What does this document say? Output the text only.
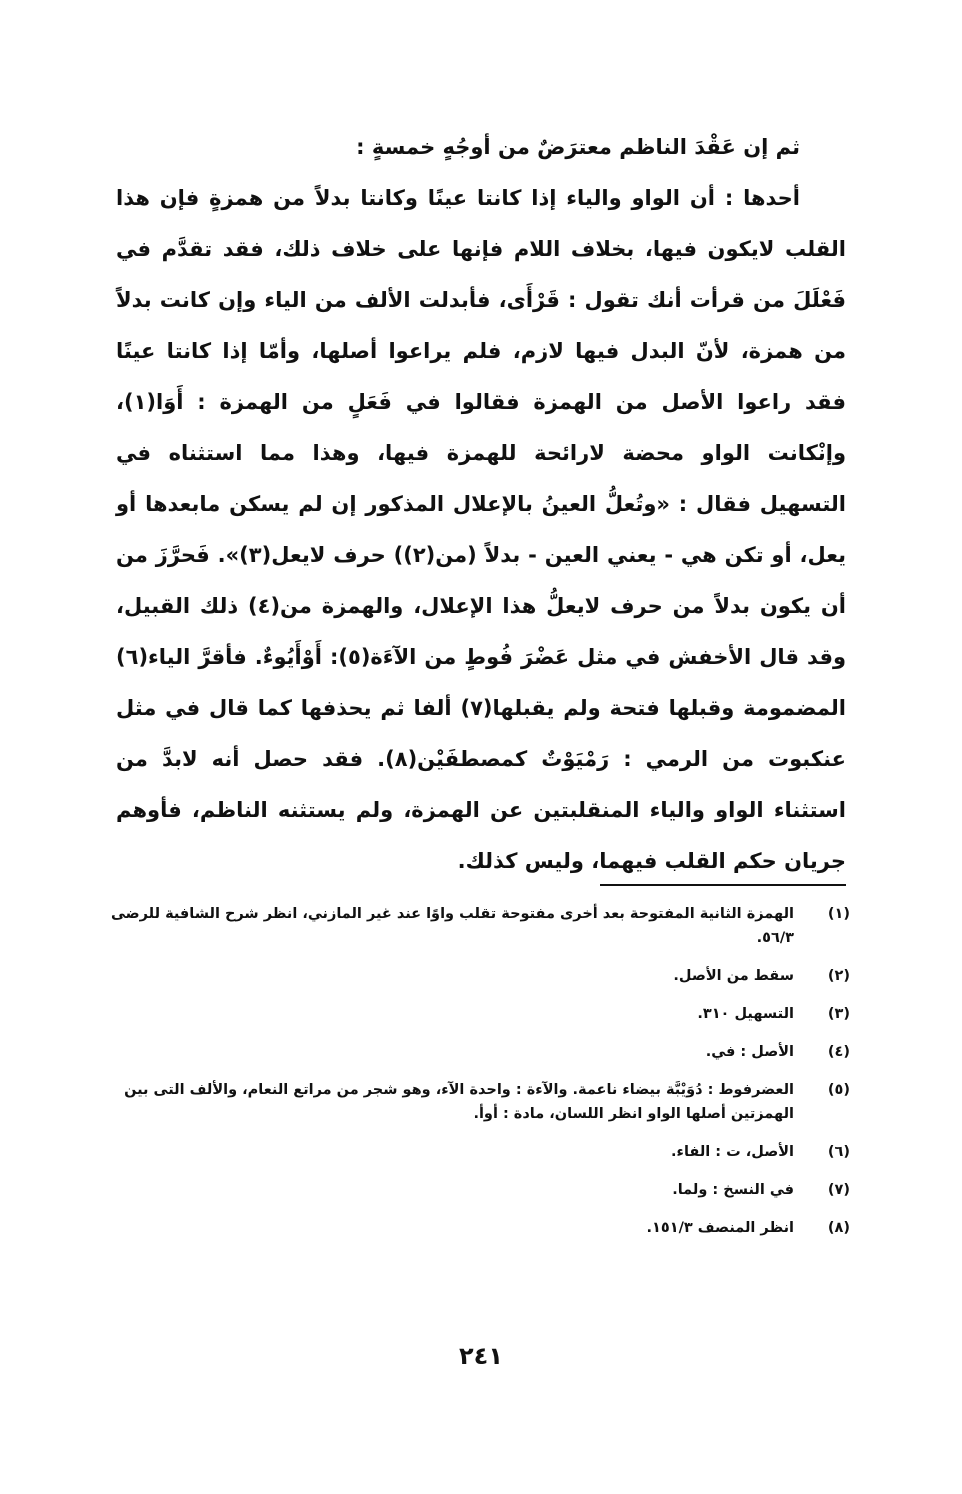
ثم إن عَقْدَ الناظم معترَضٌ من أوجُهٍ خمسةٍ :

أحدها : أن الواو والياء إذا كانتا عينًا وكانتا بدلاً من همزةٍ فإن هذا القلب لايكون فيها، بخلاف اللام فإنها على خلاف ذلك، فقد تقدَّم في فَعْلَلَ من قرأت أنك تقول : قَرْأَى، فأبدلت الألف من الياء وإن كانت بدلاً من همزة، لأنّ البدل فيها لازم، فلم يراعوا أصلها، وأمّا إذا كانتا عينًا فقد راعوا الأصل من الهمزة فقالوا في فَعَلٍ من الهمزة : أَوَا(١)، وإنْكانت الواو محضة لارائحة للهمزة فيها، وهذا مما استثناه في التسهيل فقال : «وتُعلُّ العينُ بالإعلال المذكور إن لم يسكن مابعدها أو يعل، أو تكن هي - يعني العين - بدلاً (من(٢)) حرف لايعل(٣)». فَحرَّزَ من أن يكون بدلاً من حرف لايعلُّ هذا الإعلال، والهمزة من(٤) ذلك القبيل، وقد قال الأخفش في مثل عَضْرَ فُوطٍ من الآءَة(٥): أَوْأَيُوءٌ. فأقرَّ الياء(٦) المضمومة وقبلها فتحة ولم يقبلها(٧) ألفا ثم يحذفها كما قال في مثل عنكبوت من الرمي : رَمْيَوْتٌ كمصطفَيْن(٨). فقد حصل أنه لابدَّ من استثناء الواو والياء المنقلبتين عن الهمزة، ولم يستثنه الناظم، فأوهم جريان حكم القلب فيهما، وليس كذلك.

(١)
الهمزة الثانية المفتوحة بعد أخرى مفتوحة تقلب واوًا عند غير المازني، انظر شرح الشافية للرضى ٥٦/٣.
(٢)
سقط من الأصل.
(٣)
التسهيل ٣١٠.
(٤)
الأصل : في.
(٥)
العضرفوط : دُوَيْبَّة بيضاء ناعمة. والآءة : واحدة الآء، وهو شجر من مراتع النعام، والألف التى بين الهمزتين أصلها الواو انظر اللسان، مادة : أوأ.
(٦)
الأصل، ت : الفاء.
(٧)
في النسخ : ولما.
(٨)
انظر المنصف ١٥١/٣.
٢٤١
